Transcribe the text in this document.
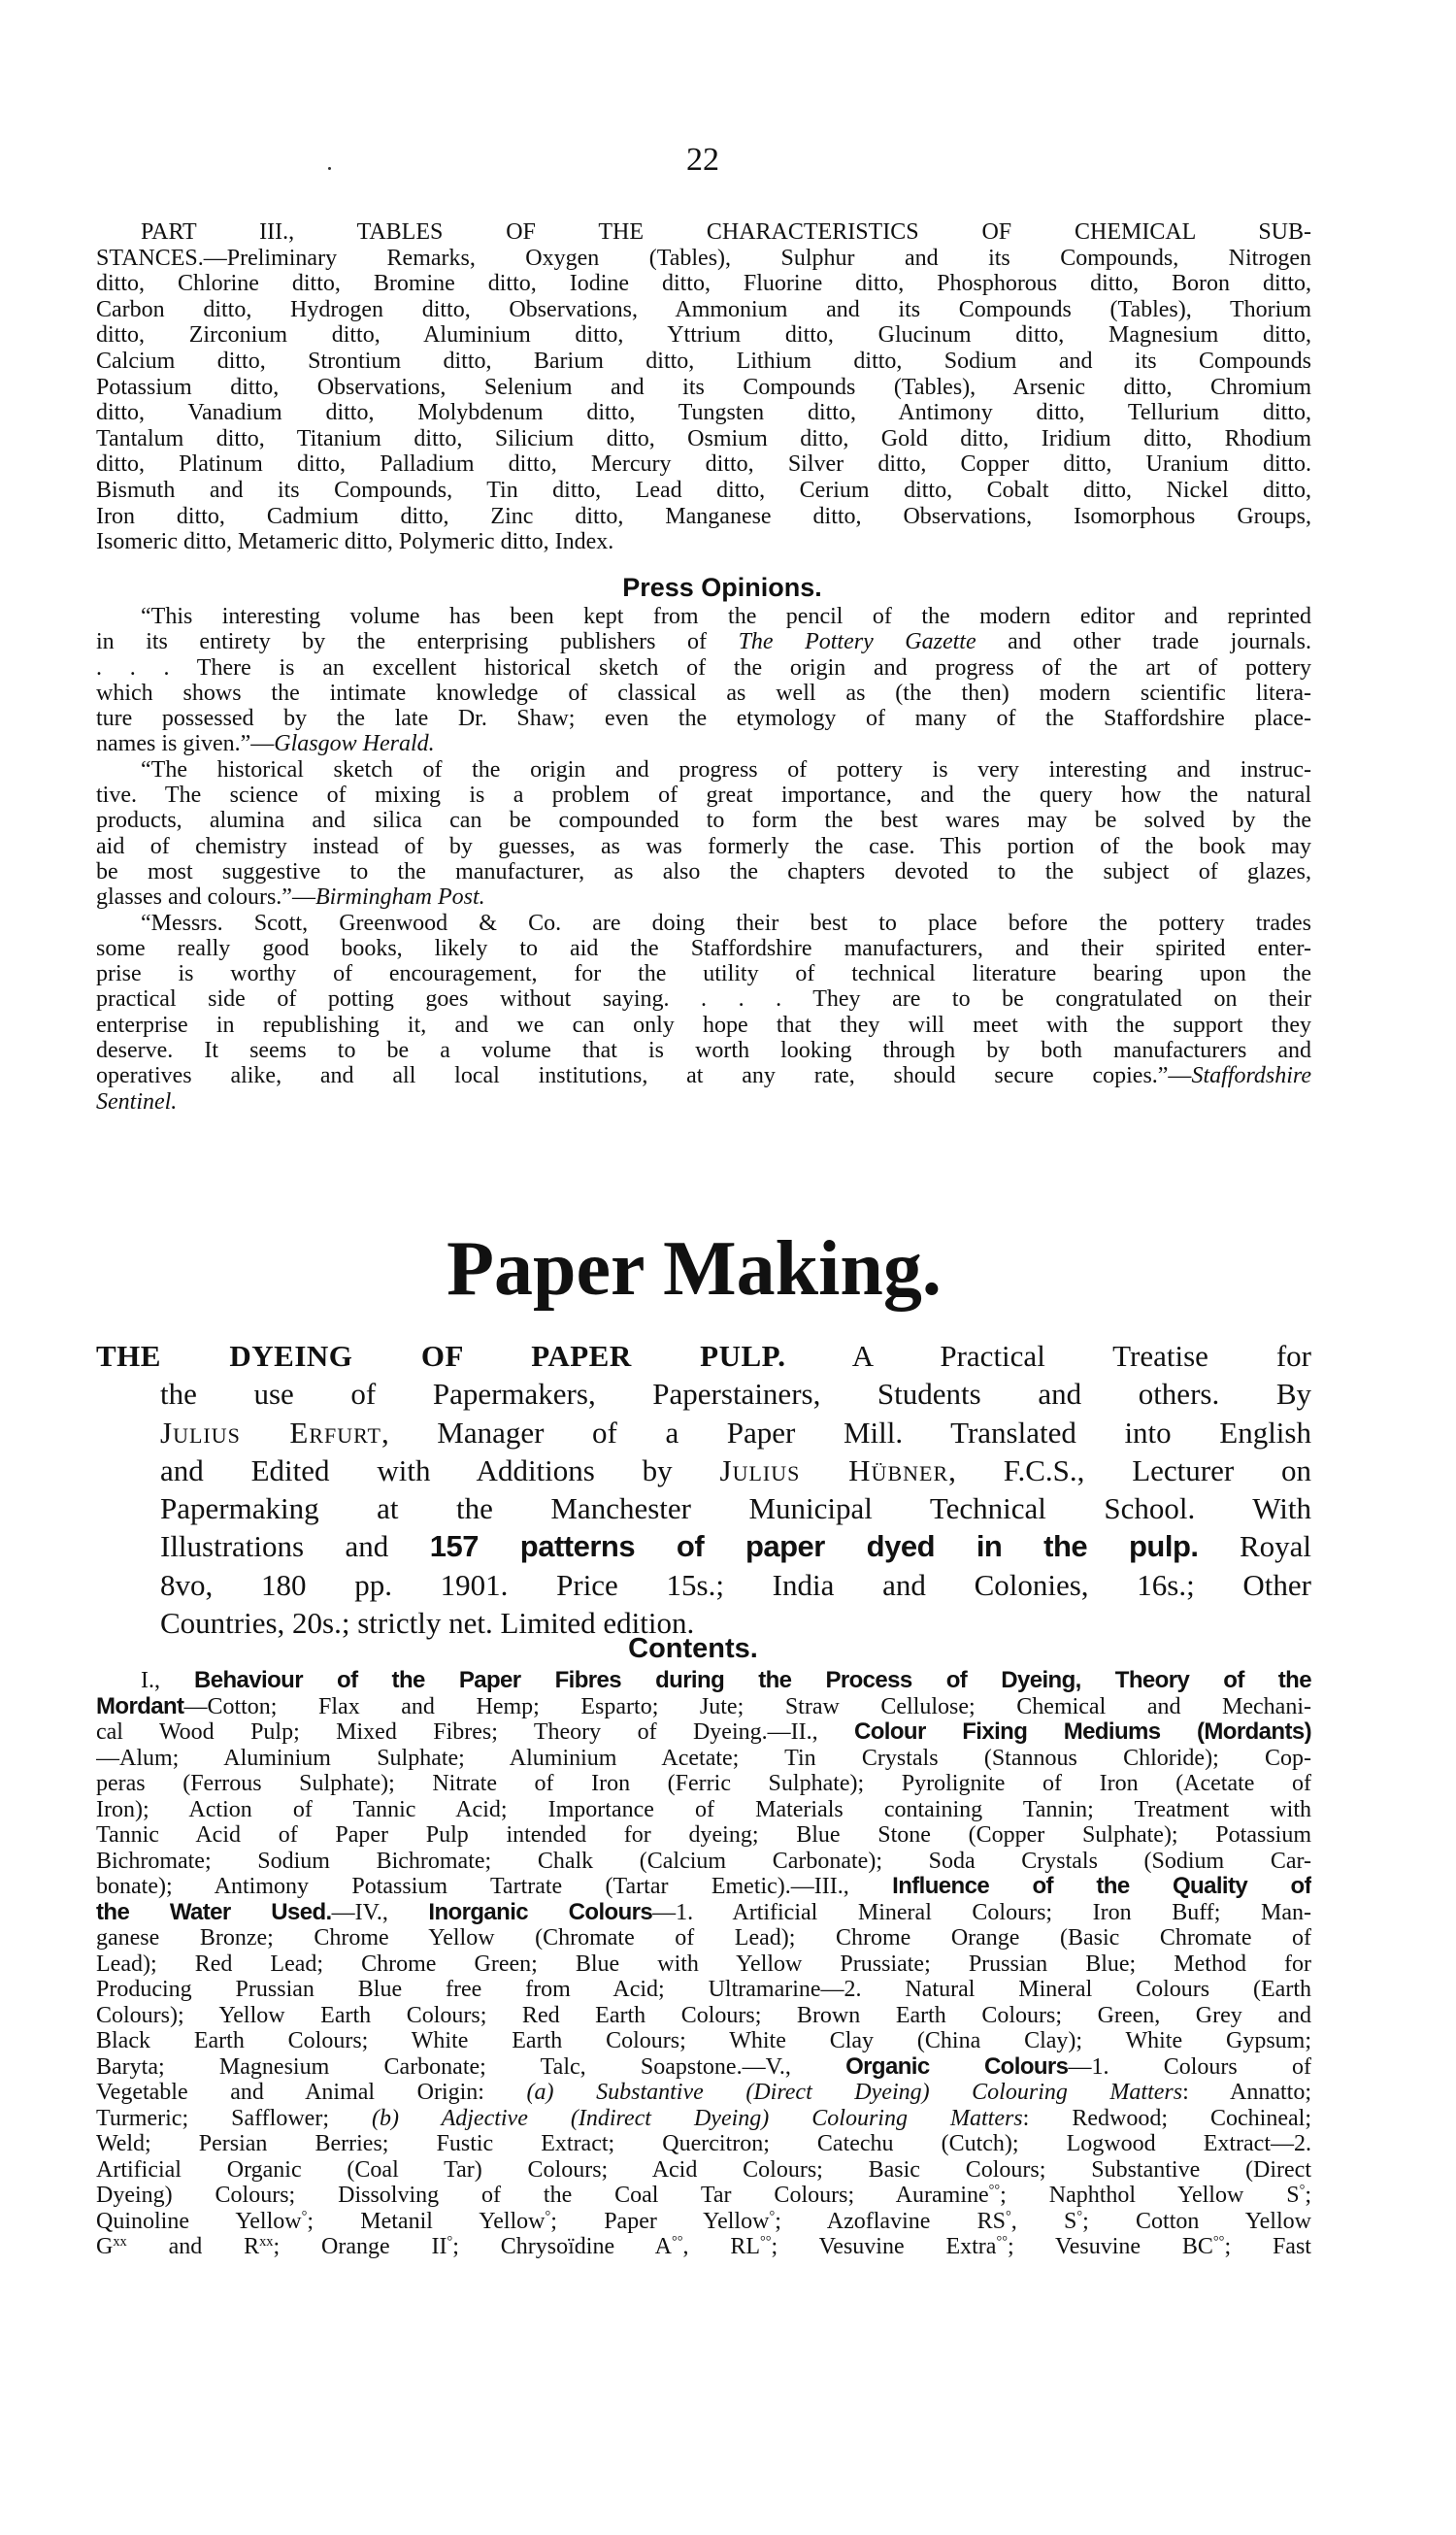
22
PART III., TABLES OF THE CHARACTERISTICS OF CHEMICAL SUB-
STANCES.—Preliminary Remarks, Oxygen (Tables), Sulphur and its Compounds, Nitrogen
ditto, Chlorine ditto, Bromine ditto, Iodine ditto, Fluorine ditto, Phosphorous ditto, Boron ditto,
Carbon ditto, Hydrogen ditto, Observations, Ammonium and its Compounds (Tables), Thorium
ditto, Zirconium ditto, Aluminium ditto, Yttrium ditto, Glucinum ditto, Magnesium ditto,
Calcium ditto, Strontium ditto, Barium ditto, Lithium ditto, Sodium and its Compounds
Potassium ditto, Observations, Selenium and its Compounds (Tables), Arsenic ditto, Chromium
ditto, Vanadium ditto, Molybdenum ditto, Tungsten ditto, Antimony ditto, Tellurium ditto,
Tantalum ditto, Titanium ditto, Silicium ditto, Osmium ditto, Gold ditto, Iridium ditto, Rhodium
ditto, Platinum ditto, Palladium ditto, Mercury ditto, Silver ditto, Copper ditto, Uranium ditto.
Bismuth and its Compounds, Tin ditto, Lead ditto, Cerium ditto, Cobalt ditto, Nickel ditto,
Iron ditto, Cadmium ditto, Zinc ditto, Manganese ditto, Observations, Isomorphous Groups,
Isomeric ditto, Metameric ditto, Polymeric ditto, Index.
Press Opinions.
“This interesting volume has been kept from the pencil of the modern editor and reprinted
in its entirety by the enterprising publishers of The Pottery Gazette and other trade journals.
. . . There is an excellent historical sketch of the origin and progress of the art of pottery
which shows the intimate knowledge of classical as well as (the then) modern scientific litera-
ture possessed by the late Dr. Shaw; even the etymology of many of the Staffordshire place-
names is given.”—Glasgow Herald.
“The historical sketch of the origin and progress of pottery is very interesting and instruc-
tive. The science of mixing is a problem of great importance, and the query how the natural
products, alumina and silica can be compounded to form the best wares may be solved by the
aid of chemistry instead of by guesses, as was formerly the case. This portion of the book may
be most suggestive to the manufacturer, as also the chapters devoted to the subject of glazes,
glasses and colours.”—Birmingham Post.
“Messrs. Scott, Greenwood & Co. are doing their best to place before the pottery trades
some really good books, likely to aid the Staffordshire manufacturers, and their spirited enter-
prise is worthy of encouragement, for the utility of technical literature bearing upon the
practical side of potting goes without saying. . . . They are to be congratulated on their
enterprise in republishing it, and we can only hope that they will meet with the support they
deserve. It seems to be a volume that is worth looking through by both manufacturers and
operatives alike, and all local institutions, at any rate, should secure copies.”—Staffordshire
Sentinel.
Paper Making.
THE DYEING OF PAPER PULP. A Practical Treatise for
the use of Papermakers, Paperstainers, Students and others. By
Julius Erfurt, Manager of a Paper Mill. Translated into English
and Edited with Additions by Julius Hübner, F.C.S., Lecturer on
Papermaking at the Manchester Municipal Technical School. With
Illustrations and 157 patterns of paper dyed in the pulp. Royal
8vo, 180 pp. 1901. Price 15s.; India and Colonies, 16s.; Other
Countries, 20s.; strictly net. Limited edition.
Contents.
I., Behaviour of the Paper Fibres during the Process of Dyeing, Theory of the
Mordant—Cotton; Flax and Hemp; Esparto; Jute; Straw Cellulose; Chemical and Mechani-
cal Wood Pulp; Mixed Fibres; Theory of Dyeing.—II., Colour Fixing Mediums (Mordants)
—Alum; Aluminium Sulphate; Aluminium Acetate; Tin Crystals (Stannous Chloride); Cop-
peras (Ferrous Sulphate); Nitrate of Iron (Ferric Sulphate); Pyrolignite of Iron (Acetate of
Iron); Action of Tannic Acid; Importance of Materials containing Tannin; Treatment with
Tannic Acid of Paper Pulp intended for dyeing; Blue Stone (Copper Sulphate); Potassium
Bichromate; Sodium Bichromate; Chalk (Calcium Carbonate); Soda Crystals (Sodium Car-
bonate); Antimony Potassium Tartrate (Tartar Emetic).—III., Influence of the Quality of
the Water Used.—IV., Inorganic Colours—1. Artificial Mineral Colours; Iron Buff; Man-
ganese Bronze; Chrome Yellow (Chromate of Lead); Chrome Orange (Basic Chromate of
Lead); Red Lead; Chrome Green; Blue with Yellow Prussiate; Prussian Blue; Method for
Producing Prussian Blue free from Acid; Ultramarine—2. Natural Mineral Colours (Earth
Colours); Yellow Earth Colours; Red Earth Colours; Brown Earth Colours; Green, Grey and
Black Earth Colours; White Earth Colours; White Clay (China Clay); White Gypsum;
Baryta; Magnesium Carbonate; Talc, Soapstone.—V., Organic Colours—1. Colours of
Vegetable and Animal Origin: (a) Substantive (Direct Dyeing) Colouring Matters: Annatto;
Turmeric; Safflower; (b) Adjective (Indirect Dyeing) Colouring Matters: Redwood; Cochineal;
Weld; Persian Berries; Fustic Extract; Quercitron; Catechu (Cutch); Logwood Extract—2.
Artificial Organic (Coal Tar) Colours; Acid Colours; Basic Colours; Substantive (Direct
Dyeing) Colours; Dissolving of the Coal Tar Colours; Auramine°°; Naphthol Yellow S°;
Quinoline Yellow°; Metanil Yellow°; Paper Yellow°; Azoflavine RS°, S°; Cotton Yellow
$G^{xx}$ and $R^{xx}$; Orange II°; Chrysoïdine A°°, RL°°; Vesuvine Extra°°; Vesuvine BC°°; Fast
